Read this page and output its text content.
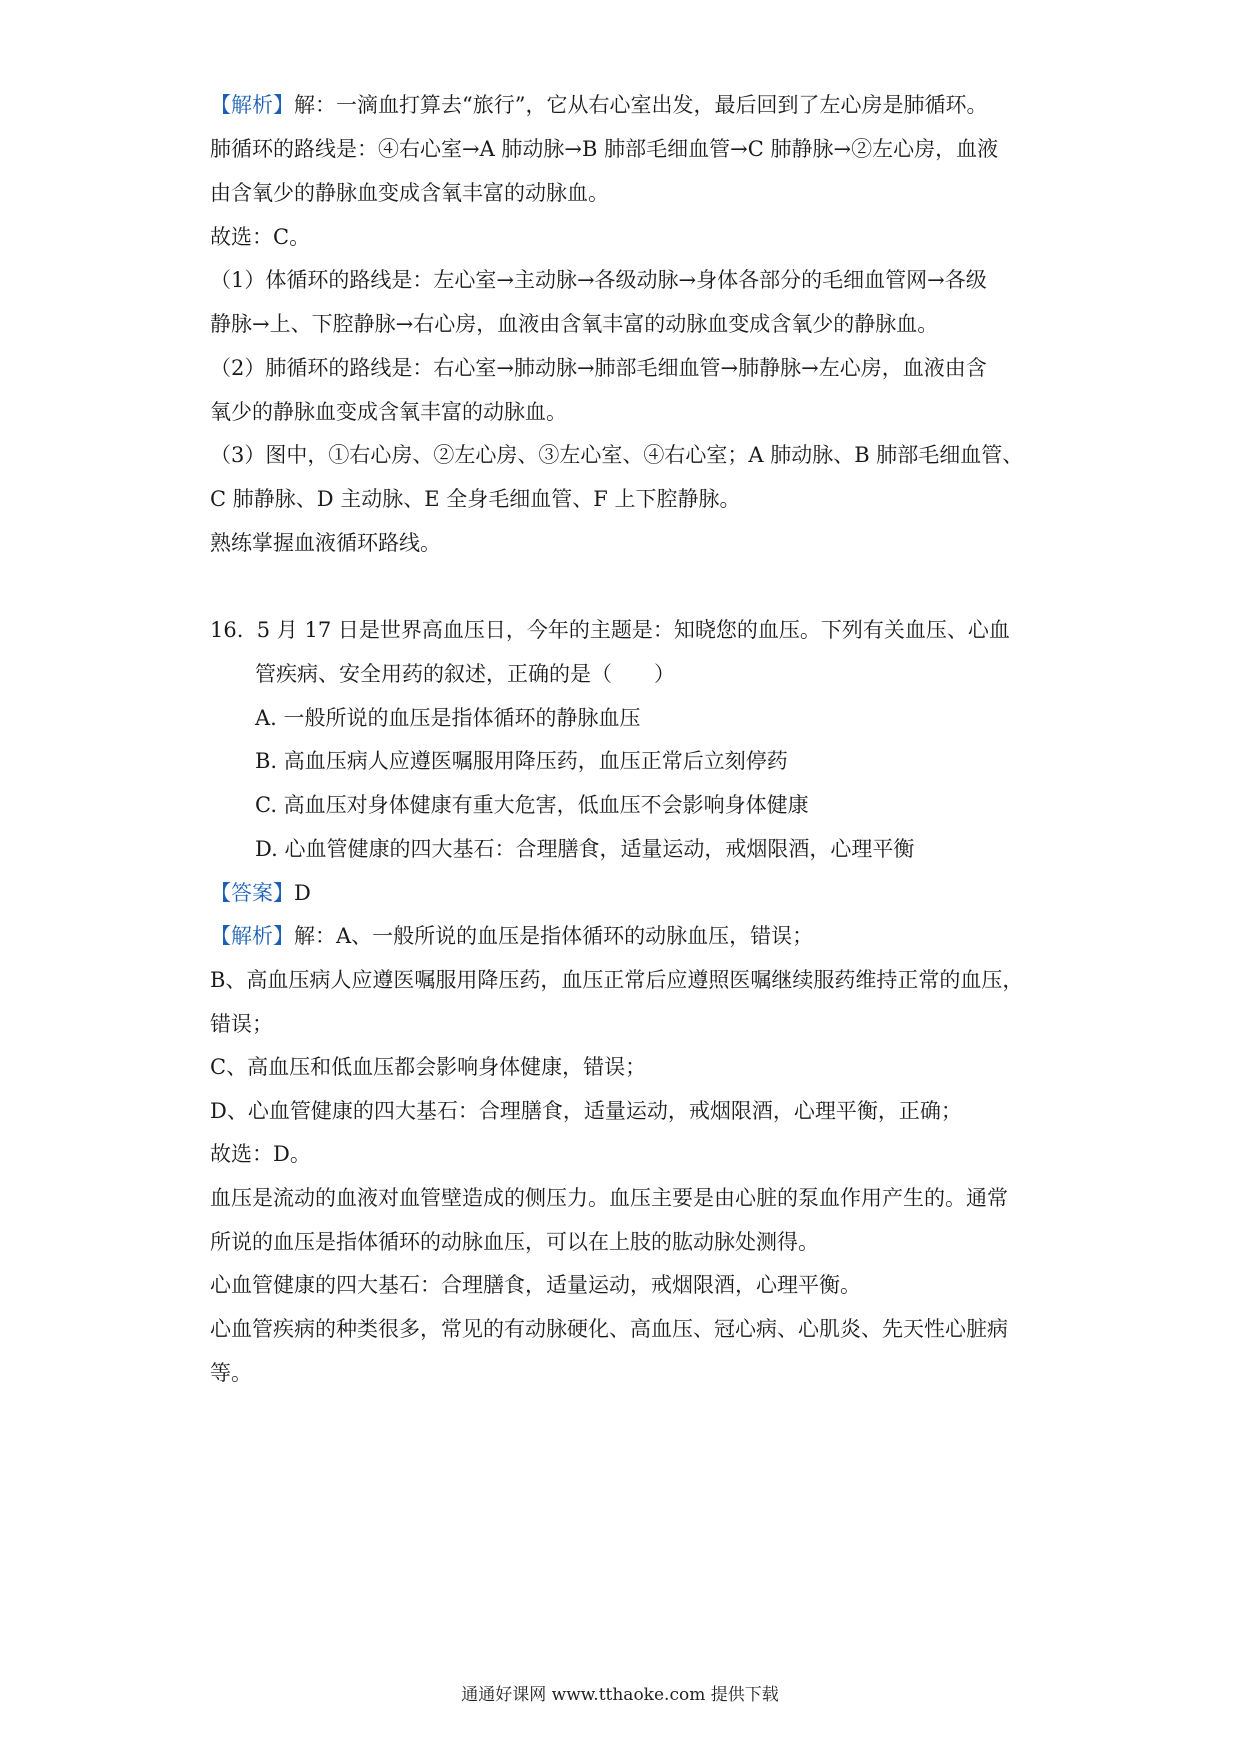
【解析】解：一滴血打算去“旅行”，它从右心室出发，最后回到了左心房是肺循环。
肺循环的路线是：④右心室→A 肺动脉→B 肺部毛细血管→C 肺静脉→②左心房，血液
由含氧少的静脉血变成含氧丰富的动脉血。
故选：C。
（1）体循环的路线是：左心室→主动脉→各级动脉→身体各部分的毛细血管网→各级
静脉→上、下腔静脉→右心房，血液由含氧丰富的动脉血变成含氧少的静脉血。
（2）肺循环的路线是：右心室→肺动脉→肺部毛细血管→肺静脉→左心房，血液由含
氧少的静脉血变成含氧丰富的动脉血。
（3）图中，①右心房、②左心房、③左心室、④右心室；A 肺动脉、B 肺部毛细血管、
C 肺静脉、D 主动脉、E 全身毛细血管、F 上下腔静脉。
熟练掌握血液循环路线。
16. 5 月 17 日是世界高血压日，今年的主题是：知晓您的血压。下列有关血压、心血
管疾病、安全用药的叙述，正确的是（　　）
A. 一般所说的血压是指体循环的静脉血压
B. 高血压病人应遵医嘱服用降压药，血压正常后立刻停药
C. 高血压对身体健康有重大危害，低血压不会影响身体健康
D. 心血管健康的四大基石：合理膳食，适量运动，戒烟限酒，心理平衡
【答案】D
【解析】解：A、一般所说的血压是指体循环的动脉血压，错误；
B、高血压病人应遵医嘱服用降压药，血压正常后应遵照医嘱继续服药维持正常的血压，
错误；
C、高血压和低血压都会影响身体健康，错误；
D、心血管健康的四大基石：合理膳食，适量运动，戒烟限酒，心理平衡，正确；
故选：D。
血压是流动的血液对血管壁造成的侧压力。血压主要是由心脏的泵血作用产生的。通常
所说的血压是指体循环的动脉血压，可以在上肢的肱动脉处测得。
心血管健康的四大基石：合理膳食，适量运动，戒烟限酒，心理平衡。
心血管疾病的种类很多，常见的有动脉硬化、高血压、冠心病、心肌炎、先天性心脏病
等。
通通好课网 www.tthaoke.com 提供下载
